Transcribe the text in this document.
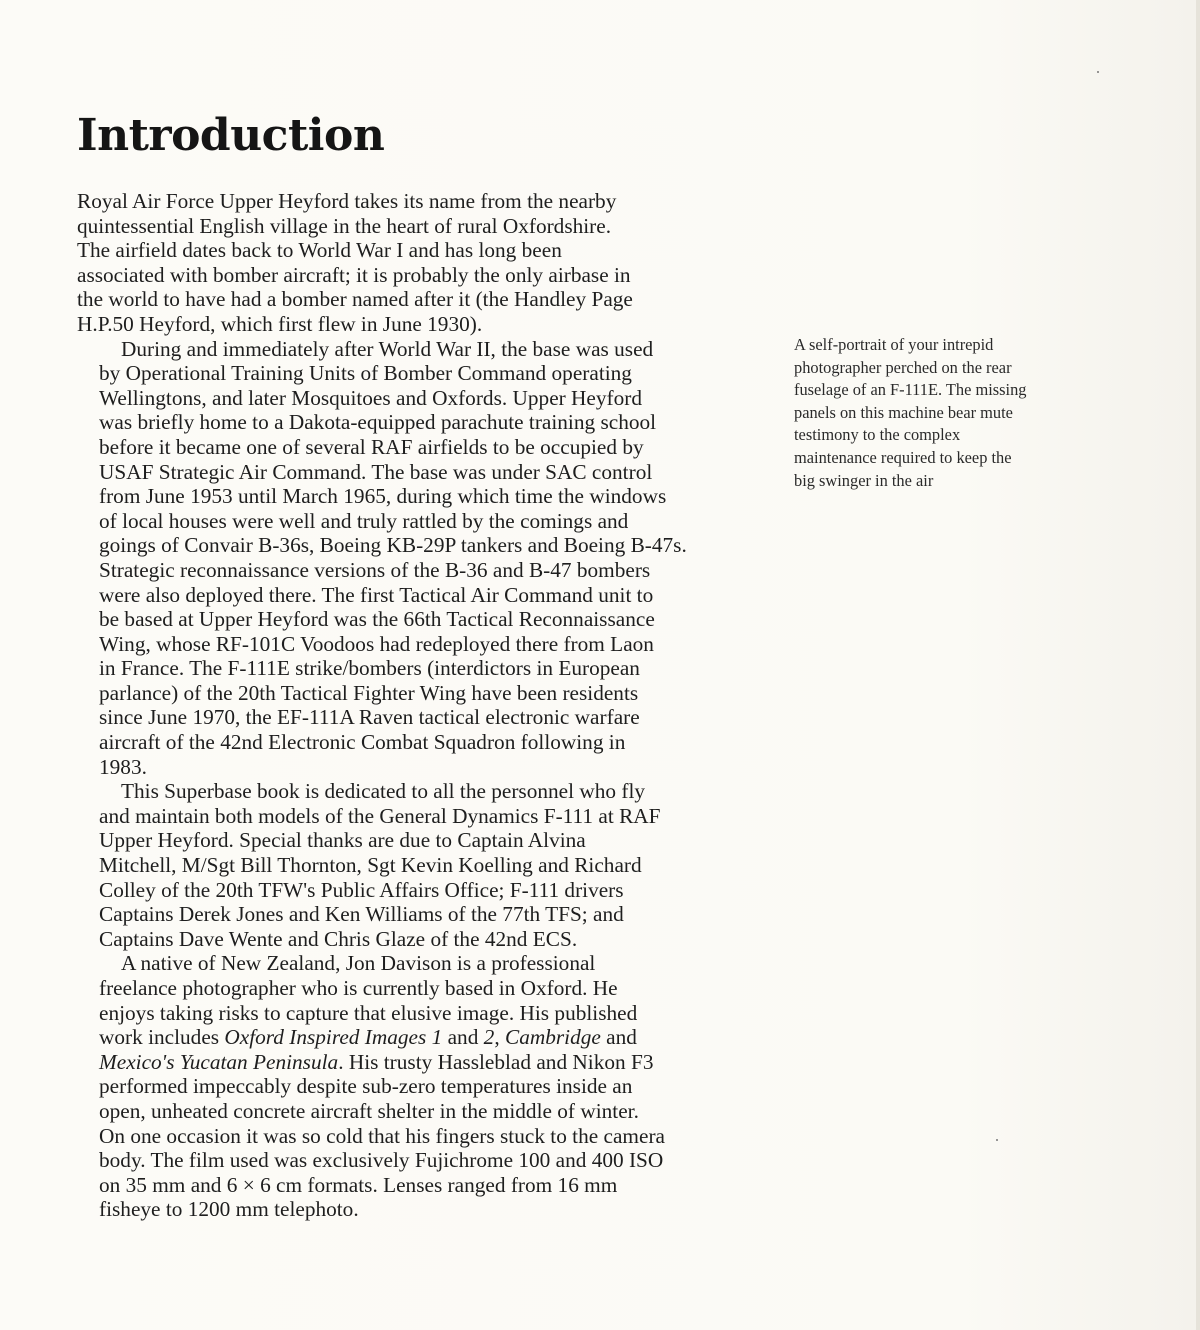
Introduction

Royal Air Force Upper Heyford takes its name from the nearby
quintessential English village in the heart of rural Oxfordshire.
The airfield dates back to World War I and has long been
associated with bomber aircraft; it is probably the only airbase in
the world to have had a bomber named after it (the Handley Page
H.P.50 Heyford, which first flew in June 1930).

During and immediately after World War II, the base was used
by Operational Training Units of Bomber Command operating
Wellingtons, and later Mosquitoes and Oxfords. Upper Heyford
was briefly home to a Dakota-equipped parachute training school
before it became one of several RAF airfields to be occupied by
USAF Strategic Air Command. The base was under SAC control
from June 1953 until March 1965, during which time the windows
of local houses were well and truly rattled by the comings and
goings of Convair B-36s, Boeing KB-29P tankers and Boeing B-47s.
Strategic reconnaissance versions of the B-36 and B-47 bombers
were also deployed there. The first Tactical Air Command unit to
be based at Upper Heyford was the 66th Tactical Reconnaissance
Wing, whose RF-101C Voodoos had redeployed there from Laon
in France. The F-111E strike/bombers (interdictors in European
parlance) of the 20th Tactical Fighter Wing have been residents
since June 1970, the EF-111A Raven tactical electronic warfare
aircraft of the 42nd Electronic Combat Squadron following in
1983.

This Superbase book is dedicated to all the personnel who fly
and maintain both models of the General Dynamics F-111 at RAF
Upper Heyford. Special thanks are due to Captain Alvina
Mitchell, M/Sgt Bill Thornton, Sgt Kevin Koelling and Richard
Colley of the 20th TFW's Public Affairs Office; F-111 drivers
Captains Derek Jones and Ken Williams of the 77th TFS; and
Captains Dave Wente and Chris Glaze of the 42nd ECS.

A native of New Zealand, Jon Davison is a professional
freelance photographer who is currently based in Oxford. He
enjoys taking risks to capture that elusive image. His published
work includes Oxford Inspired Images 1 and 2, Cambridge and
Mexico's Yucatan Peninsula. His trusty Hassleblad and Nikon F3
performed impeccably despite sub-zero temperatures inside an
open, unheated concrete aircraft shelter in the middle of winter.
On one occasion it was so cold that his fingers stuck to the camera
body. The film used was exclusively Fujichrome 100 and 400 ISO
on 35 mm and 6 × 6 cm formats. Lenses ranged from 16 mm
fisheye to 1200 mm telephoto.

A self-portrait of your intrepid
photographer perched on the rear
fuselage of an F-111E. The missing
panels on this machine bear mute
testimony to the complex
maintenance required to keep the
big swinger in the air
